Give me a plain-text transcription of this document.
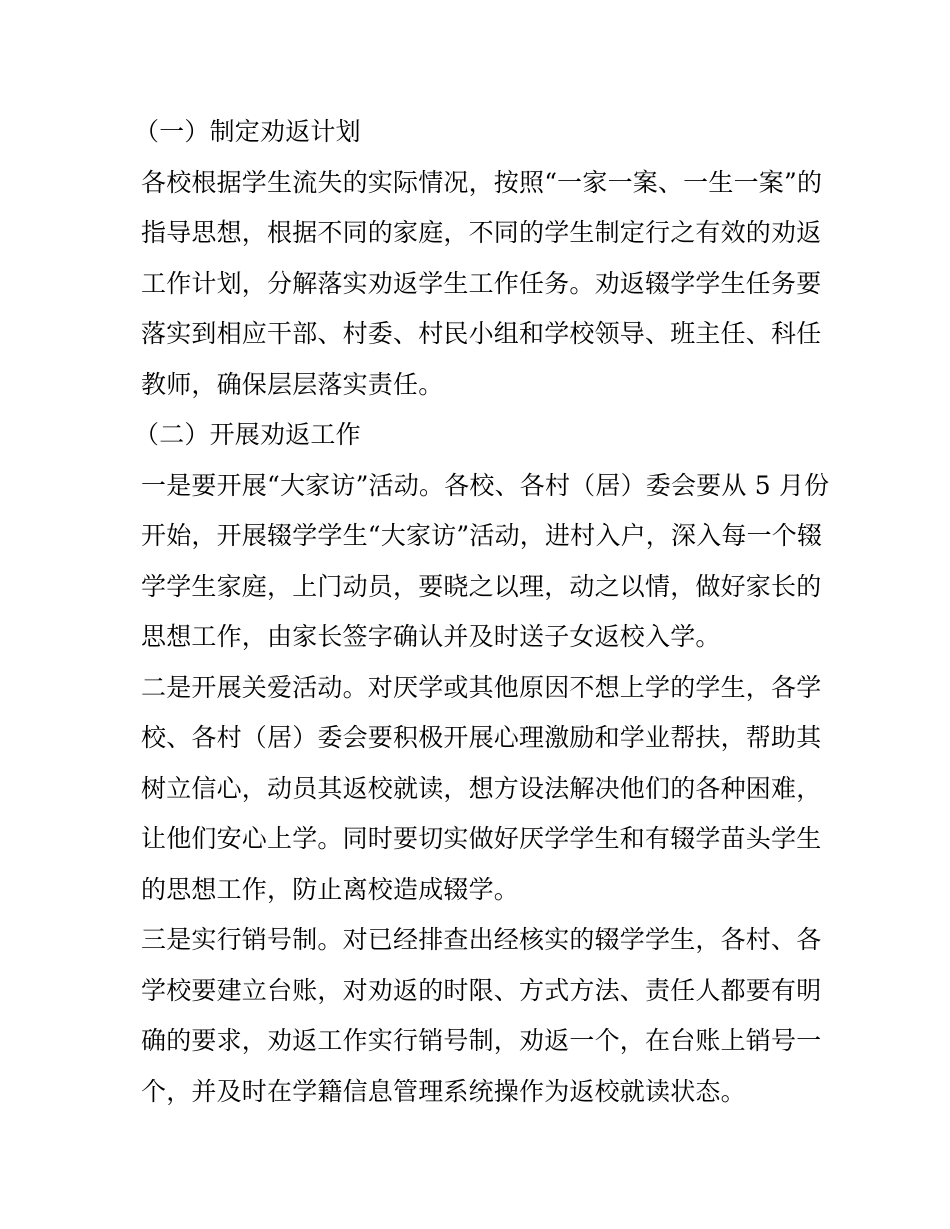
（一）制定劝返计划
各校根据学生流失的实际情况，按照“一家一案、一生一案”的
指导思想，根据不同的家庭，不同的学生制定行之有效的劝返
工作计划，分解落实劝返学生工作任务。劝返辍学学生任务要
落实到相应干部、村委、村民小组和学校领导、班主任、科任
教师，确保层层落实责任。
（二）开展劝返工作
一是要开展“大家访”活动。各校、各村（居）委会要从 5 月份
开始，开展辍学学生“大家访”活动，进村入户，深入每一个辍
学学生家庭，上门动员，要晓之以理，动之以情，做好家长的
思想工作，由家长签字确认并及时送子女返校入学。
二是开展关爱活动。对厌学或其他原因不想上学的学生，各学
校、各村（居）委会要积极开展心理激励和学业帮扶，帮助其
树立信心，动员其返校就读，想方设法解决他们的各种困难，
让他们安心上学。同时要切实做好厌学学生和有辍学苗头学生
的思想工作，防止离校造成辍学。
三是实行销号制。对已经排查出经核实的辍学学生，各村、各
学校要建立台账，对劝返的时限、方式方法、责任人都要有明
确的要求，劝返工作实行销号制，劝返一个，在台账上销号一
个，并及时在学籍信息管理系统操作为返校就读状态。
